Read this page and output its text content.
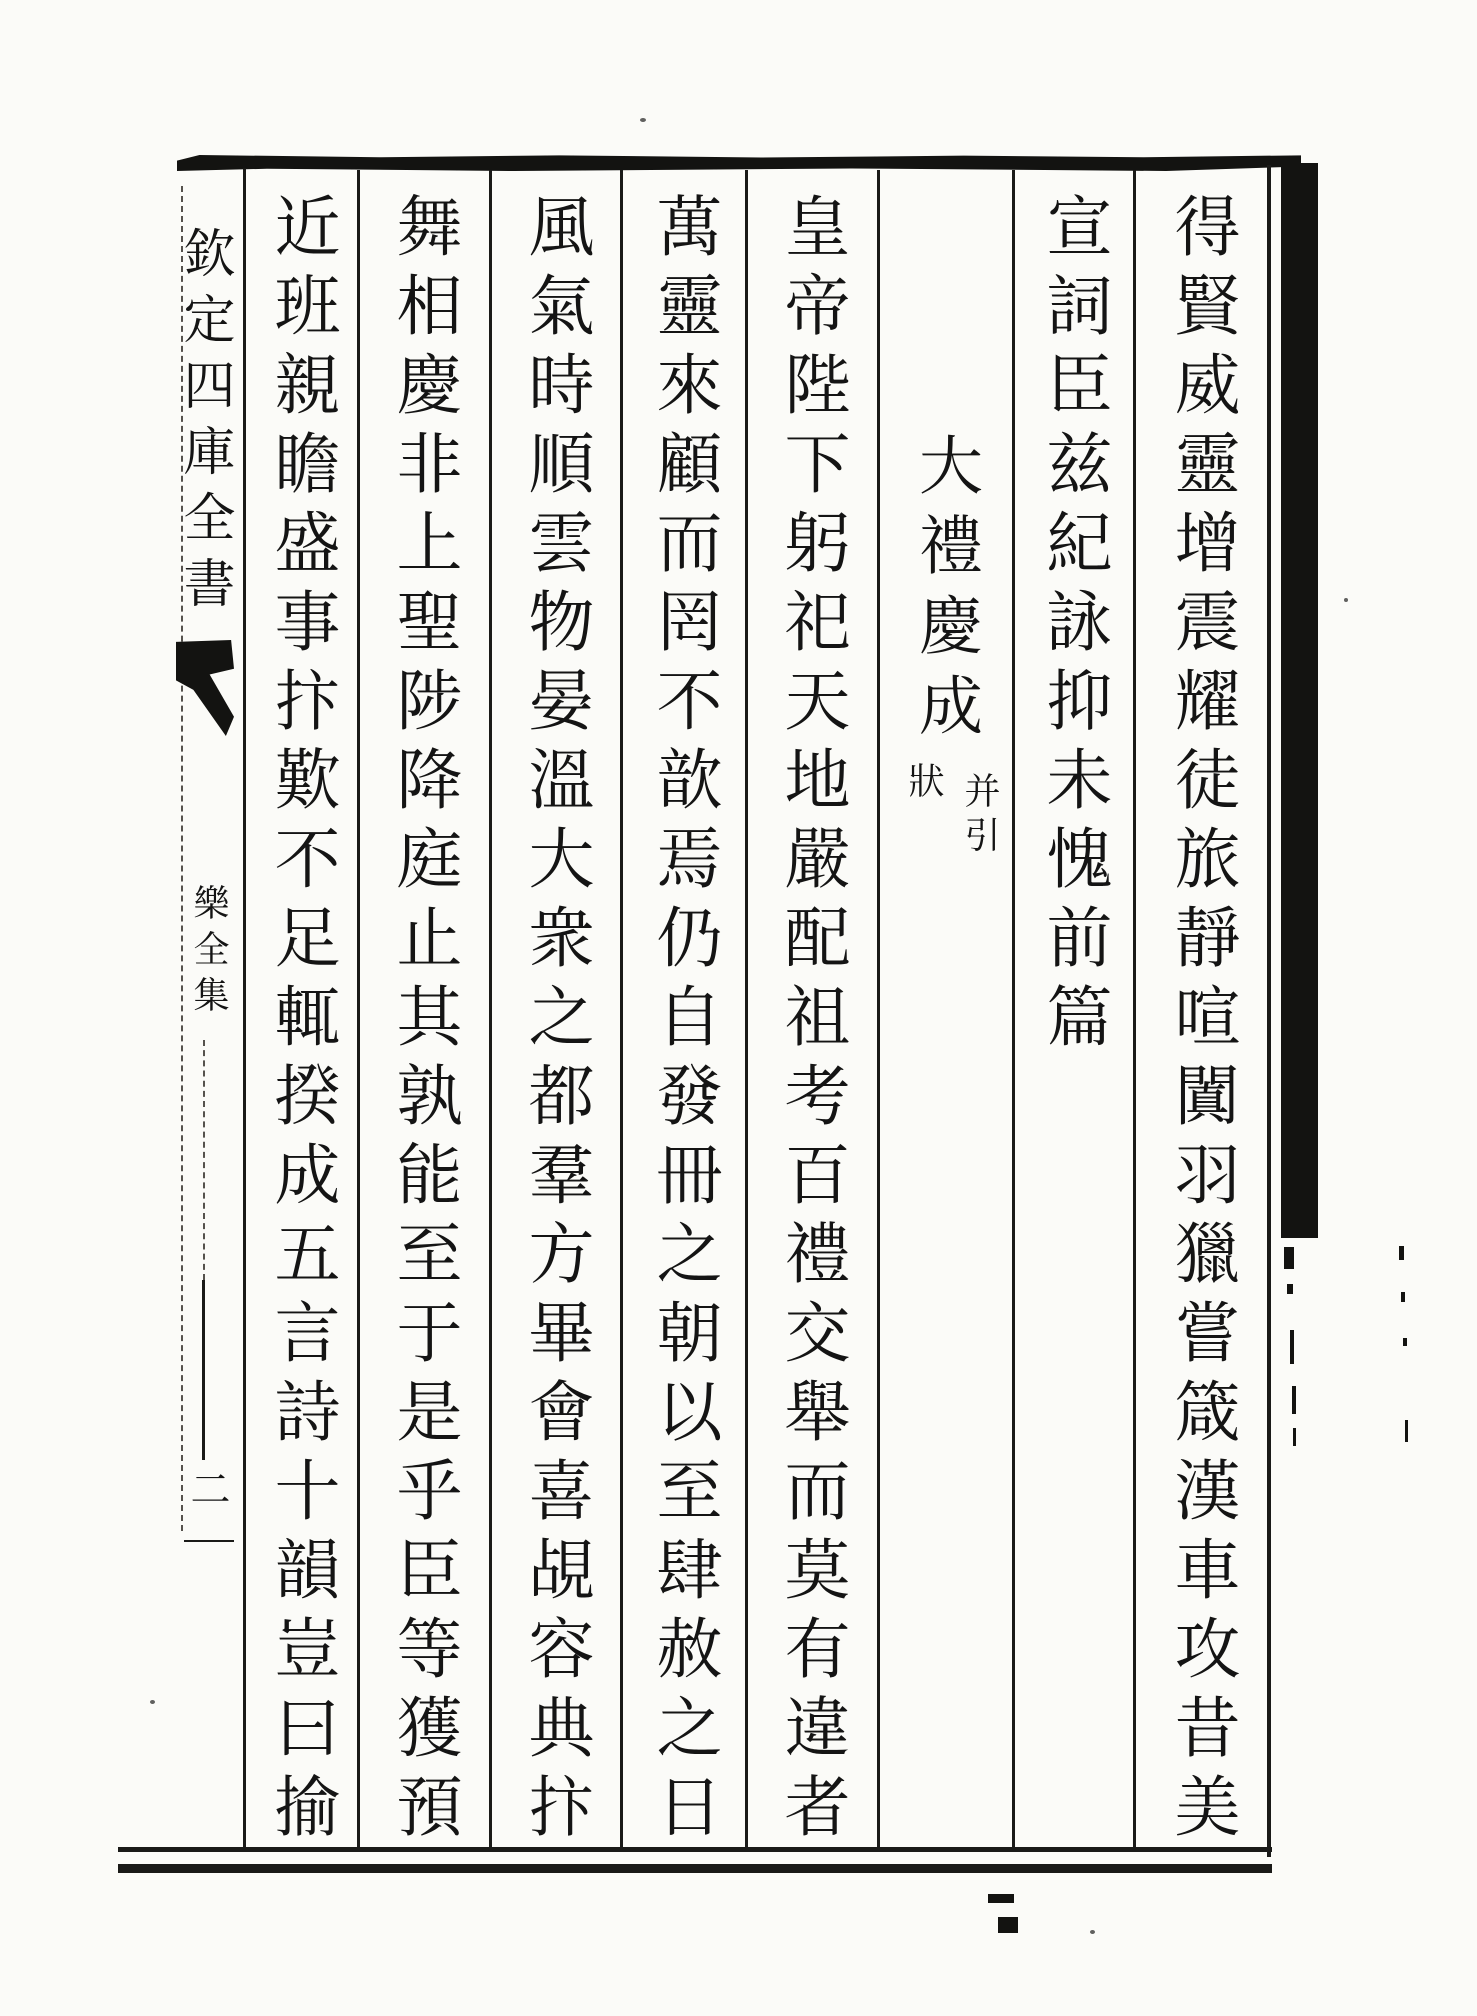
欽定四庫全書
樂全集
二	得賢威靈增震耀徒旅靜喧闐羽獵嘗箴漢車攻昔美
宣詞臣兹紀詠抑未愧前篇
大禮慶成
并引
狀
皇帝陛下躬祀天地嚴配祖考百禮交舉而莫有違者
萬靈來顧而罔不歆焉仍自發冊之朝以至肆赦之日
風氣時順雲物晏溫大衆之都羣方畢會喜覘容典抃
舞相慶非上聖陟降庭止其孰能至于是乎臣等獲預
近班親瞻盛事抃歎不足輒揆成五言詩十韻豈曰揄
